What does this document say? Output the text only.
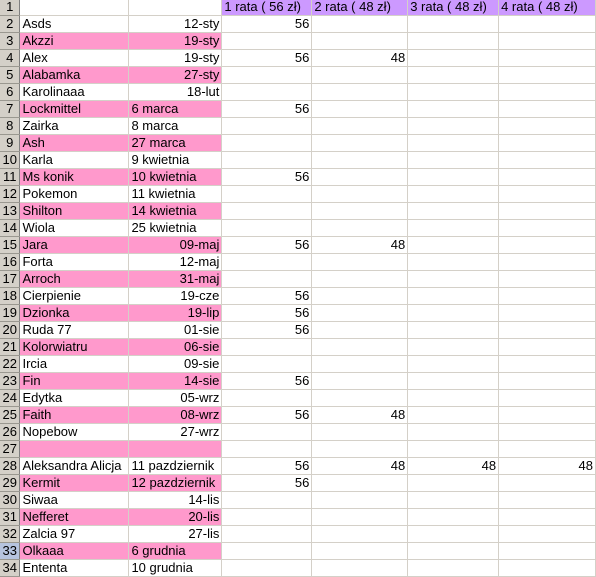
1			1 rata ( 56 zł)	2 rata ( 48 zł)	3 rata ( 48 zł)	4 rata ( 48 zł)
2	Asds	12-sty	56			
3	Akzzi	19-sty				
4	Alex	19-sty	56	48		
5	Alabamka	27-sty				
6	Karolinaaa	18-lut				
7	Lockmittel	6 marca	56			
8	Zairka	8 marca				
9	Ash	27 marca				
10	Karla	9 kwietnia				
11	Ms konik	10 kwietnia	56			
12	Pokemon	11 kwietnia				
13	Shilton	14 kwietnia				
14	Wiola	25 kwietnia				
15	Jara	09-maj	56	48		
16	Forta	12-maj				
17	Arroch	31-maj				
18	Cierpienie	19-cze	56			
19	Dzionka	19-lip	56			
20	Ruda 77	01-sie	56			
21	Kolorwiatru	06-sie				
22	Ircia	09-sie				
23	Fin	14-sie	56			
24	Edytka	05-wrz				
25	Faith	08-wrz	56	48		
26	Nopebow	27-wrz				
27						
28	Aleksandra Alicja	11 pazdziernik	56	48	48	48
29	Kermit	12 pazdziernik	56			
30	Siwaa	14-lis				
31	Nefferet	20-lis				
32	Zalcia 97	27-lis				
33	Olkaaa	6 grudnia				
34	Ententa	10 grudnia				
